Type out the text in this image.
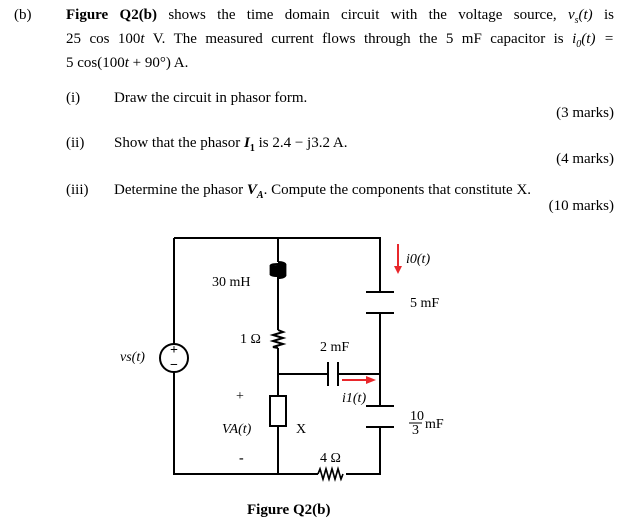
(b) Figure Q2(b) shows the time domain circuit with the voltage source, $v_s(t)$ is
25 cos 100t V. The measured current flows through the 5 mF capacitor is $i_0(t)$ =
5 cos(100t + 90°) A.
(i) Draw the circuit in phasor form.
(3 marks)
(ii) Show that the phasor $I_1$ is 2.4 − j3.2 A.
(4 marks)
(iii) Determine the phasor $V_A$. Compute the components that constitute X.
(10 marks)
+
−
30 mH
1 Ω
2 mF
5 mF
10
3 mF
4 Ω
vs(t)
+
VA(t)
-
X
i0(t)
i1(t)
Figure Q2(b)
